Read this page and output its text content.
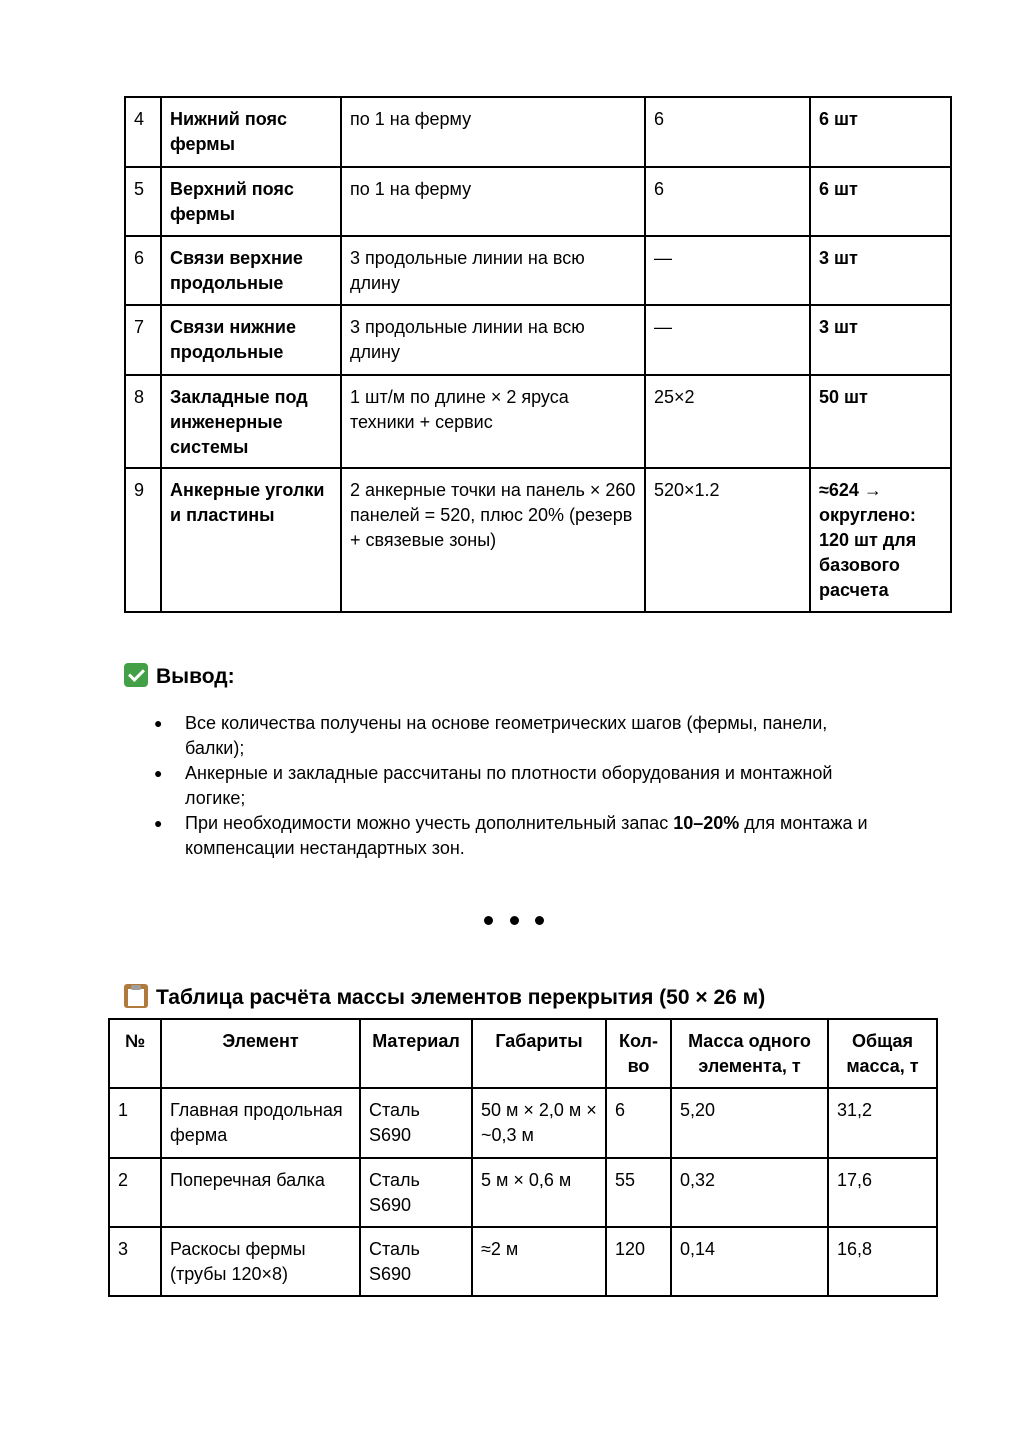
4	Нижний пояс фермы	по 1 на ферму	6	6 шт
5	Верхний пояс фермы	по 1 на ферму	6	6 шт
6	Связи верхние продольные	3 продольные линии на всю длину	—	3 шт
7	Связи нижние продольные	3 продольные линии на всю длину	—	3 шт
8	Закладные под инженерные системы	1 шт/м по длине × 2 яруса техники + сервис	25×2	50 шт
9	Анкерные уголки и пластины	2 анкерные точки на панель × 260 панелей = 520, плюс 20% (резерв + связевые зоны)	520×1.2	≈624 → округлено: 120 шт для базового расчета
Вывод:
● Все количества получены на основе геометрических шагов (фермы, панели, балки);
● Анкерные и закладные рассчитаны по плотности оборудования и монтажной логике;
● При необходимости можно учесть дополнительный запас 10–20% для монтажа и компенсации нестандартных зон.
Таблица расчёта массы элементов перекрытия (50 × 26 м)
№	Элемент	Материал	Габариты	Кол-во	Масса одного элемента, т	Общая масса, т
1	Главная продольная ферма	Сталь S690	50 м × 2,0 м × ~0,3 м	6	5,20	31,2
2	Поперечная балка	Сталь S690	5 м × 0,6 м	55	0,32	17,6
3	Раскосы фермы (трубы 120×8)	Сталь S690	≈2 м	120	0,14	16,8
